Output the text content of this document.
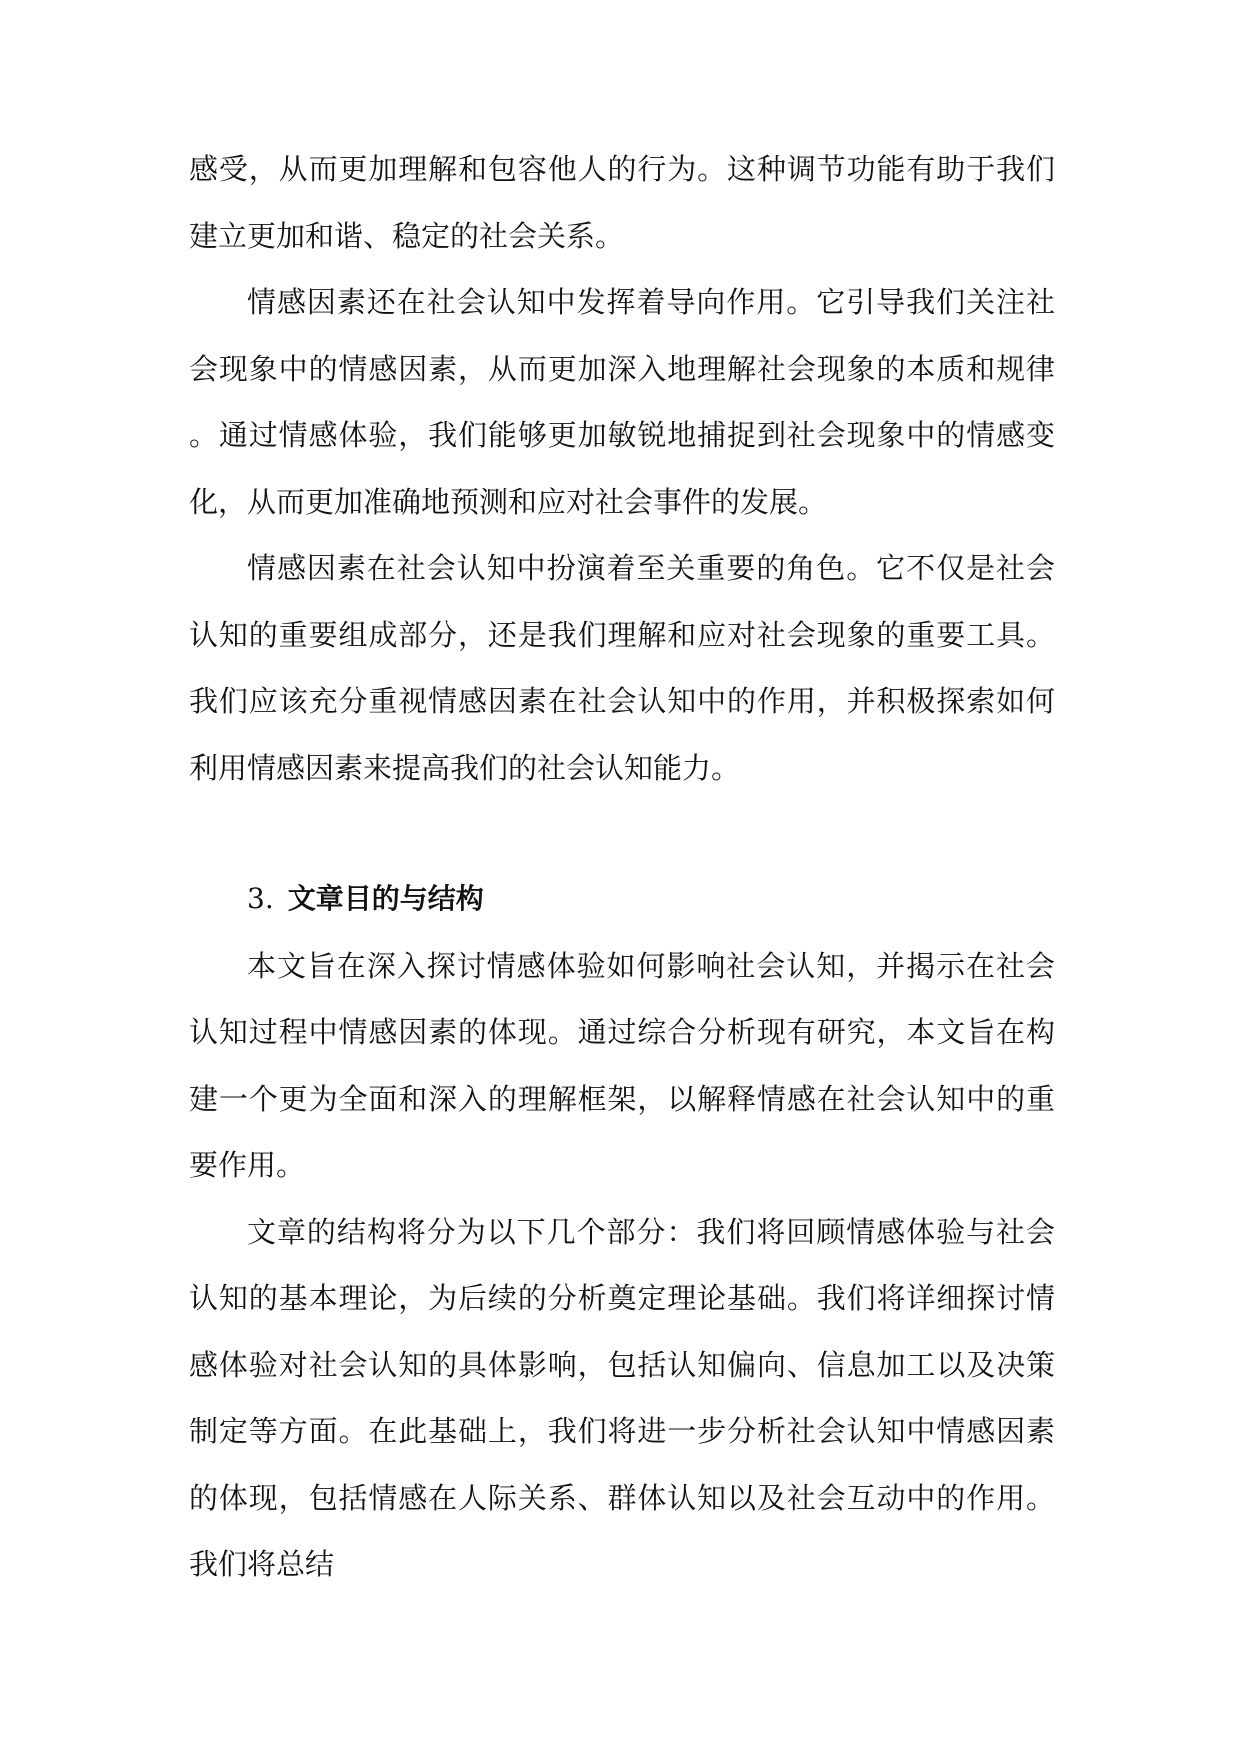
感受，从而更加理解和包容他人的行为。这种调节功能有助于我们建立更加和谐、稳定的社会关系。

情感因素还在社会认知中发挥着导向作用。它引导我们关注社会现象中的情感因素，从而更加深入地理解社会现象的本质和规律。通过情感体验，我们能够更加敏锐地捕捉到社会现象中的情感变化，从而更加准确地预测和应对社会事件的发展。

情感因素在社会认知中扮演着至关重要的角色。它不仅是社会认知的重要组成部分，还是我们理解和应对社会现象的重要工具。我们应该充分重视情感因素在社会认知中的作用，并积极探索如何利用情感因素来提高我们的社会认知能力。

3. 文章目的与结构

本文旨在深入探讨情感体验如何影响社会认知，并揭示在社会认知过程中情感因素的体现。通过综合分析现有研究，本文旨在构建一个更为全面和深入的理解框架，以解释情感在社会认知中的重要作用。

文章的结构将分为以下几个部分：我们将回顾情感体验与社会认知的基本理论，为后续的分析奠定理论基础。我们将详细探讨情感体验对社会认知的具体影响，包括认知偏向、信息加工以及决策制定等方面。在此基础上，我们将进一步分析社会认知中情感因素的体现，包括情感在人际关系、群体认知以及社会互动中的作用。我们将总结
